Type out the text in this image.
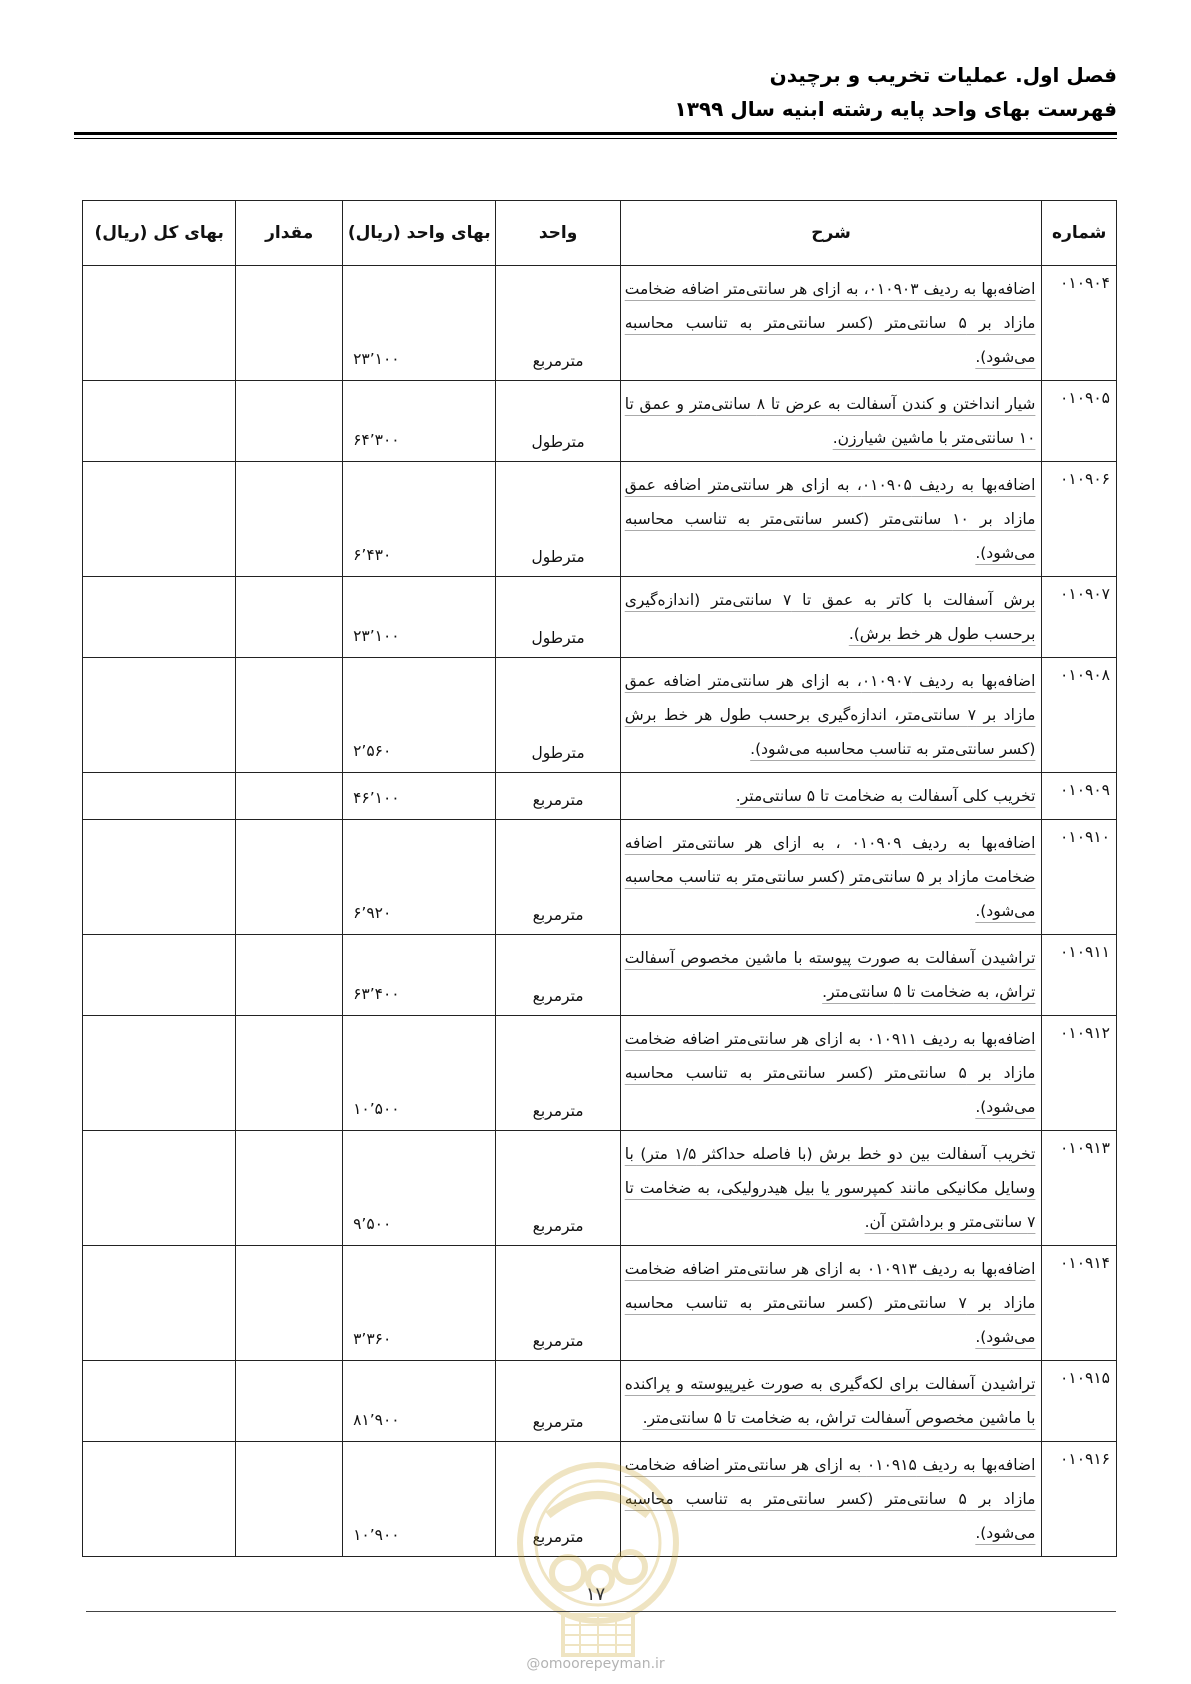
فصل اول. عملیات تخریب و برچیدن
فهرست بهای واحد پایه رشته ابنیه سال ۱۳۹۹
شماره	شرح	واحد	بهای واحد (ریال)	مقدار	بهای کل (ریال)
۰۱۰۹۰۴	اضافه‌بها به ردیف ۰۱۰۹۰۳، به ازای هر سانتی‌متر اضافه ضخامت مازاد بر ۵ سانتی‌متر (کسر سانتی‌متر به تناسب محاسبه می‌شود).	مترمربع	۲۳٬۱۰۰		
۰۱۰۹۰۵	شیار انداختن و کندن آسفالت به عرض تا ۸ سانتی‌متر و عمق تا ۱۰ سانتی‌متر با ماشین شیارزن.	مترطول	۶۴٬۳۰۰		
۰۱۰۹۰۶	اضافه‌بها به ردیف ۰۱۰۹۰۵، به ازای هر سانتی‌متر اضافه عمق مازاد بر ۱۰ سانتی‌متر (کسر سانتی‌متر به تناسب محاسبه می‌شود).	مترطول	۶٬۴۳۰		
۰۱۰۹۰۷	برش آسفالت با کاتر به عمق تا ۷ سانتی‌متر (اندازه‌گیری برحسب طول هر خط برش).	مترطول	۲۳٬۱۰۰		
۰۱۰۹۰۸	اضافه‌بها به ردیف ۰۱۰۹۰۷، به ازای هر سانتی‌متر اضافه عمق مازاد بر ۷ سانتی‌متر، اندازه‌گیری برحسب طول هر خط برش (کسر سانتی‌متر به تناسب محاسبه می‌شود).	مترطول	۲٬۵۶۰		
۰۱۰۹۰۹	تخریب کلی آسفالت به ضخامت تا ۵ سانتی‌متر.	مترمربع	۴۶٬۱۰۰		
۰۱۰۹۱۰	اضافه‌بها به ردیف ۰۱۰۹۰۹ ، به ازای هر سانتی‌متر اضافه ضخامت مازاد بر ۵ سانتی‌متر (کسر سانتی‌متر به تناسب محاسبه می‌شود).	مترمربع	۶٬۹۲۰		
۰۱۰۹۱۱	تراشیدن آسفالت به صورت پیوسته با ماشین مخصوص آسفالت تراش، به ضخامت تا ۵ سانتی‌متر.	مترمربع	۶۳٬۴۰۰		
۰۱۰۹۱۲	اضافه‌بها به ردیف ۰۱۰۹۱۱ به ازای هر سانتی‌متر اضافه ضخامت مازاد بر ۵ سانتی‌متر (کسر سانتی‌متر به تناسب محاسبه می‌شود).	مترمربع	۱۰٬۵۰۰		
۰۱۰۹۱۳	تخریب آسفالت بین دو خط برش (با فاصله حداکثر ۱/۵ متر) با وسایل مکانیکی مانند کمپرسور یا بیل هیدرولیکی، به ضخامت تا ۷ سانتی‌متر و برداشتن آن.	مترمربع	۹٬۵۰۰		
۰۱۰۹۱۴	اضافه‌بها به ردیف ۰۱۰۹۱۳ به ازای هر سانتی‌متر اضافه ضخامت مازاد بر ۷ سانتی‌متر (کسر سانتی‌متر به تناسب محاسبه می‌شود).	مترمربع	۳٬۳۶۰		
۰۱۰۹۱۵	تراشیدن آسفالت برای لکه‌گیری به صورت غیرپیوسته و پراکنده با ماشین مخصوص آسفالت تراش، به ضخامت تا ۵ سانتی‌متر.	مترمربع	۸۱٬۹۰۰		
۰۱۰۹۱۶	اضافه‌بها به ردیف ۰۱۰۹۱۵ به ازای هر سانتی‌متر اضافه ضخامت مازاد بر ۵ سانتی‌متر (کسر سانتی‌متر به تناسب محاسبه می‌شود).	مترمربع	۱۰٬۹۰۰		
۱۷
@omoorepeyman.ir
